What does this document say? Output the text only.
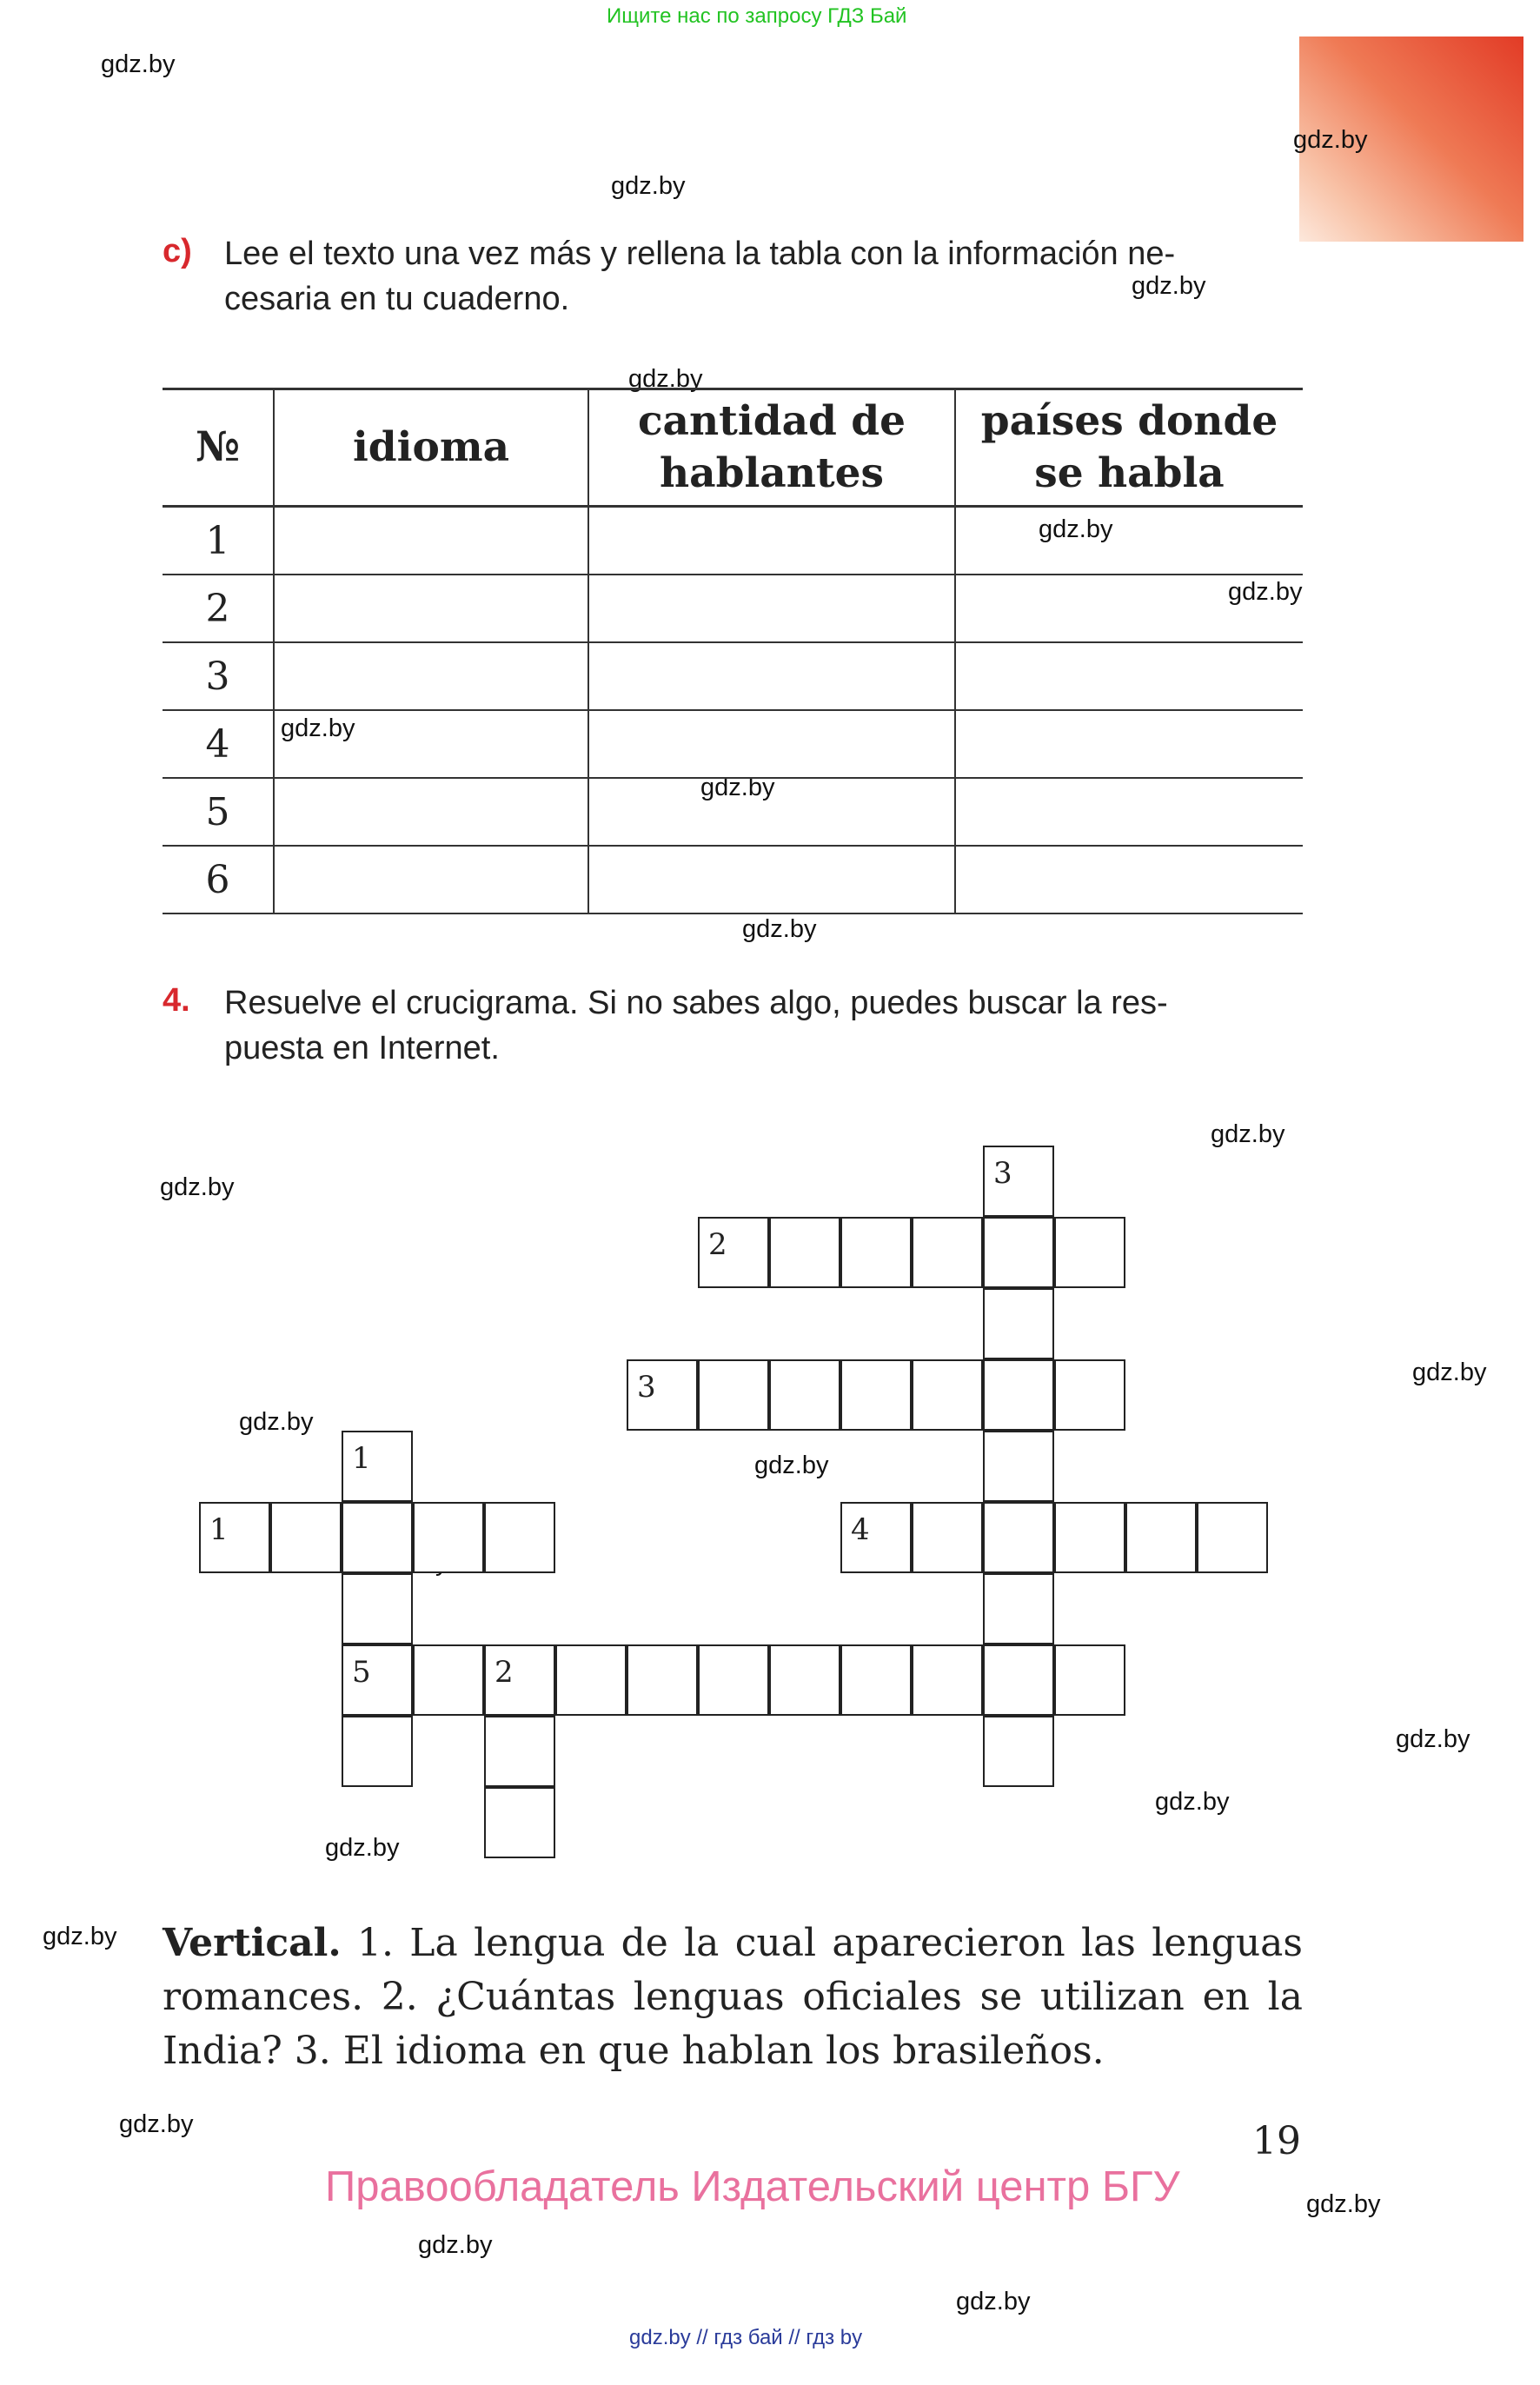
Ищите нас по запросу ГДЗ Бай
gdz.by
gdz.by
gdz.by
gdz.by
gdz.by
gdz.by
gdz.by
gdz.by
gdz.by
gdz.by
gdz.by
gdz.by
gdz.by
gdz.by
gdz.by
gdz.by
gdz.by
gdz.by
gdz.by
gdz.by
gdz.by
gdz.by
gdz.by
c) Lee el texto una vez más y rellena la tabla con la información ne-
cesaria en tu cuaderno.
№	idioma	cantidad de hablantes	países donde se habla
1			
2			
3			
4			
5			
6			
4. Resuelve el crucigrama. Si no sabes algo, puedes buscar la res-
puesta en Internet.
3
2
3
1
1	4
5	2
Vertical. 1. La lengua de la cual aparecieron las lenguas romances. 2. ¿Cuántas lenguas oficiales se utilizan en la India? 3. El idioma en que hablan los brasileños.
19
Правообладатель Издательский центр БГУ
gdz.by // гдз бай // гдз by
